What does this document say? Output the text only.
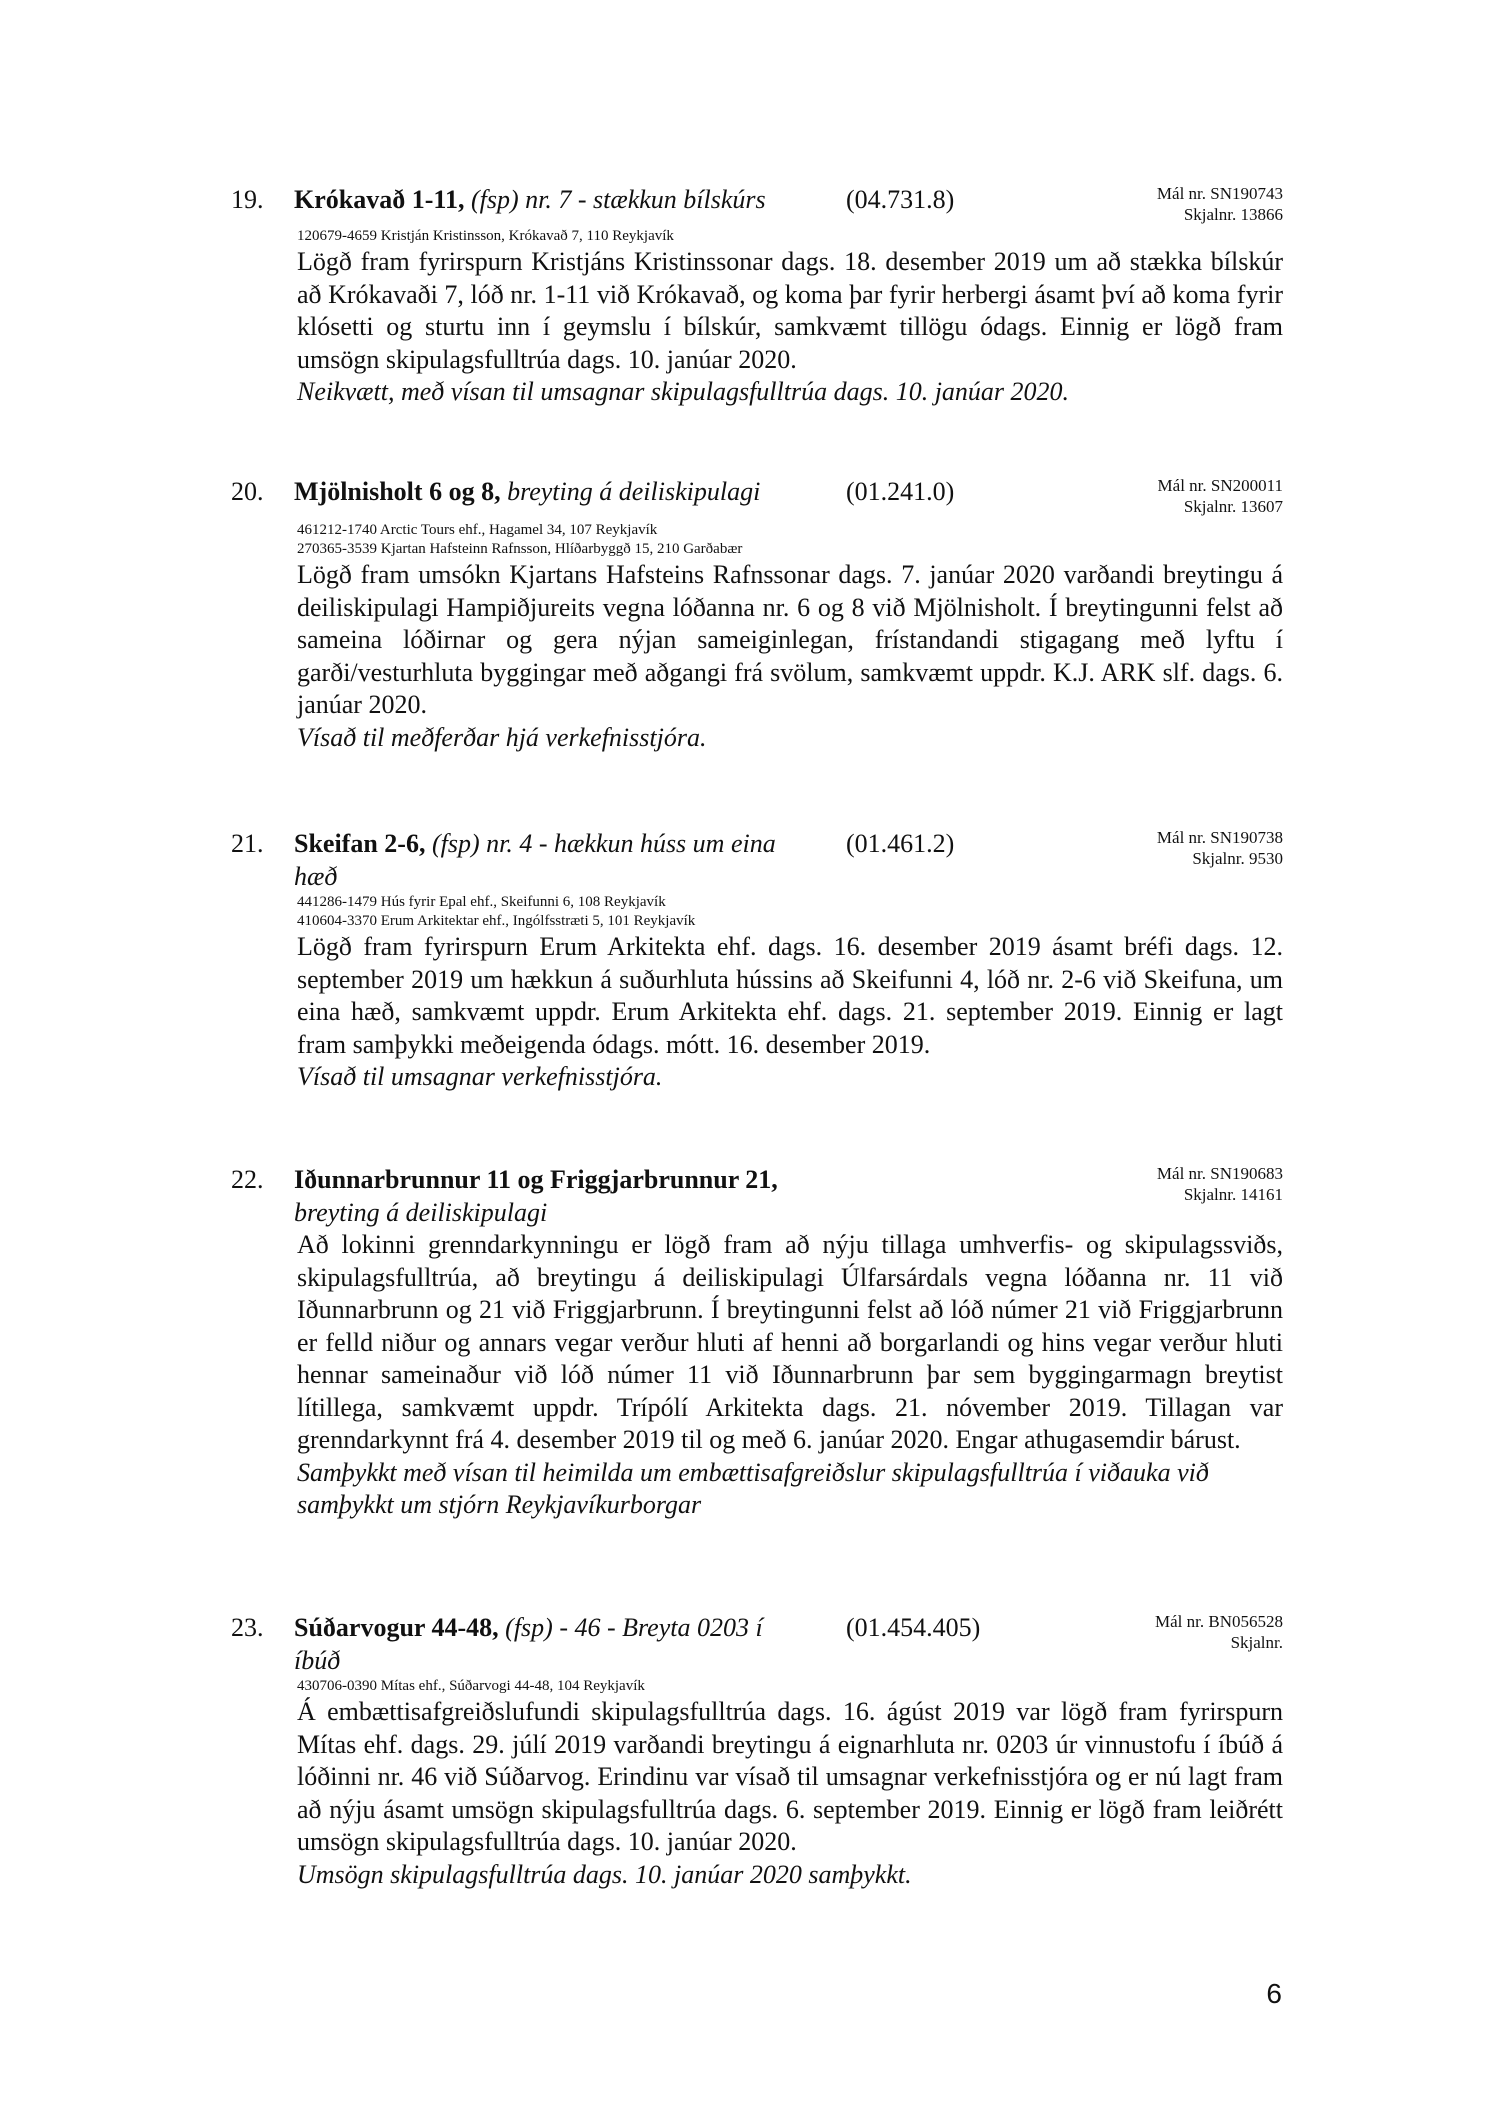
19. Krókavað 1-11, (fsp) nr. 7 - stækkun bílskúrs	(04.731.8)	Mál nr. SN190743
Skjalnr. 13866
120679-4659 Kristján Kristinsson, Krókavað 7, 110 Reykjavík
Lögð fram fyrirspurn Kristjáns Kristinssonar dags. 18. desember 2019 um að stækka bílskúr að Krókavaði 7, lóð nr. 1-11 við Krókavað, og koma þar fyrir herbergi ásamt því að koma fyrir klósetti og sturtu inn í geymslu í bílskúr, samkvæmt tillögu ódags. Einnig er lögð fram umsögn skipulagsfulltrúa dags. 10. janúar 2020.
Neikvætt, með vísan til umsagnar skipulagsfulltrúa dags. 10. janúar 2020.
20. Mjölnisholt 6 og 8, breyting á deiliskipulagi	(01.241.0)	Mál nr. SN200011
Skjalnr. 13607
461212-1740 Arctic Tours ehf., Hagamel 34, 107 Reykjavík
270365-3539 Kjartan Hafsteinn Rafnsson, Hlíðarbyggð 15, 210 Garðabær
Lögð fram umsókn Kjartans Hafsteins Rafnssonar dags. 7. janúar 2020 varðandi breytingu á deiliskipulagi Hampiðjureits vegna lóðanna nr. 6 og 8 við Mjölnisholt. Í breytingunni felst að sameina lóðirnar og gera nýjan sameiginlegan, frístandandi stigagang með lyftu í garði/vesturhluta byggingar með aðgangi frá svölum, samkvæmt uppdr. K.J. ARK slf. dags. 6. janúar 2020.
Vísað til meðferðar hjá verkefnisstjóra.
21. Skeifan 2-6, (fsp) nr. 4 - hækkun húss um eina hæð
(01.461.2)	Mál nr. SN190738
Skjalnr. 9530
441286-1479 Hús fyrir Epal ehf., Skeifunni 6, 108 Reykjavík
410604-3370 Erum Arkitektar ehf., Ingólfsstræti 5, 101 Reykjavík
Lögð fram fyrirspurn Erum Arkitekta ehf. dags. 16. desember 2019 ásamt bréfi dags. 12. september 2019 um hækkun á suðurhluta hússins að Skeifunni 4, lóð nr. 2-6 við Skeifuna, um eina hæð, samkvæmt uppdr. Erum Arkitekta ehf. dags. 21. september 2019. Einnig er lagt fram samþykki meðeigenda ódags. mótt. 16. desember 2019.
Vísað til umsagnar verkefnisstjóra.
22. Iðunnarbrunnur 11 og Friggjarbrunnur 21, breyting á deiliskipulagi
Mál nr. SN190683
Skjalnr. 14161
Að lokinni grenndarkynningu er lögð fram að nýju tillaga umhverfis- og skipulagssviðs, skipulagsfulltrúa, að breytingu á deiliskipulagi Úlfarsárdals vegna lóðanna nr. 11 við Iðunnarbrunn og 21 við Friggjarbrunn. Í breytingunni felst að lóð númer 21 við Friggjarbrunn er felld niður og annars vegar verður hluti af henni að borgarlandi og hins vegar verður hluti hennar sameinaður við lóð númer 11 við Iðunnarbrunn þar sem byggingarmagn breytist lítillega, samkvæmt uppdr. Trípólí Arkitekta dags. 21. nóvember 2019. Tillagan var grenndarkynnt frá 4. desember 2019 til og með 6. janúar 2020. Engar athugasemdir bárust.
Samþykkt með vísan til heimilda um embættisafgreiðslur skipulagsfulltrúa í viðauka við samþykkt um stjórn Reykjavíkurborgar
23. Súðarvogur 44-48, (fsp) - 46 - Breyta 0203 í íbúð
(01.454.405)	Mál nr. BN056528
Skjalnr.
430706-0390 Mítas ehf., Súðarvogi 44-48, 104 Reykjavík
Á embættisafgreiðslufundi skipulagsfulltrúa dags. 16. ágúst 2019 var lögð fram fyrirspurn Mítas ehf. dags. 29. júlí 2019 varðandi breytingu á eignarhluta nr. 0203 úr vinnustofu í íbúð á lóðinni nr. 46 við Súðarvog. Erindinu var vísað til umsagnar verkefnisstjóra og er nú lagt fram að nýju ásamt umsögn skipulagsfulltrúa dags. 6. september 2019. Einnig er lögð fram leiðrétt umsögn skipulagsfulltrúa dags. 10. janúar 2020.
Umsögn skipulagsfulltrúa dags. 10. janúar 2020 samþykkt.
6
